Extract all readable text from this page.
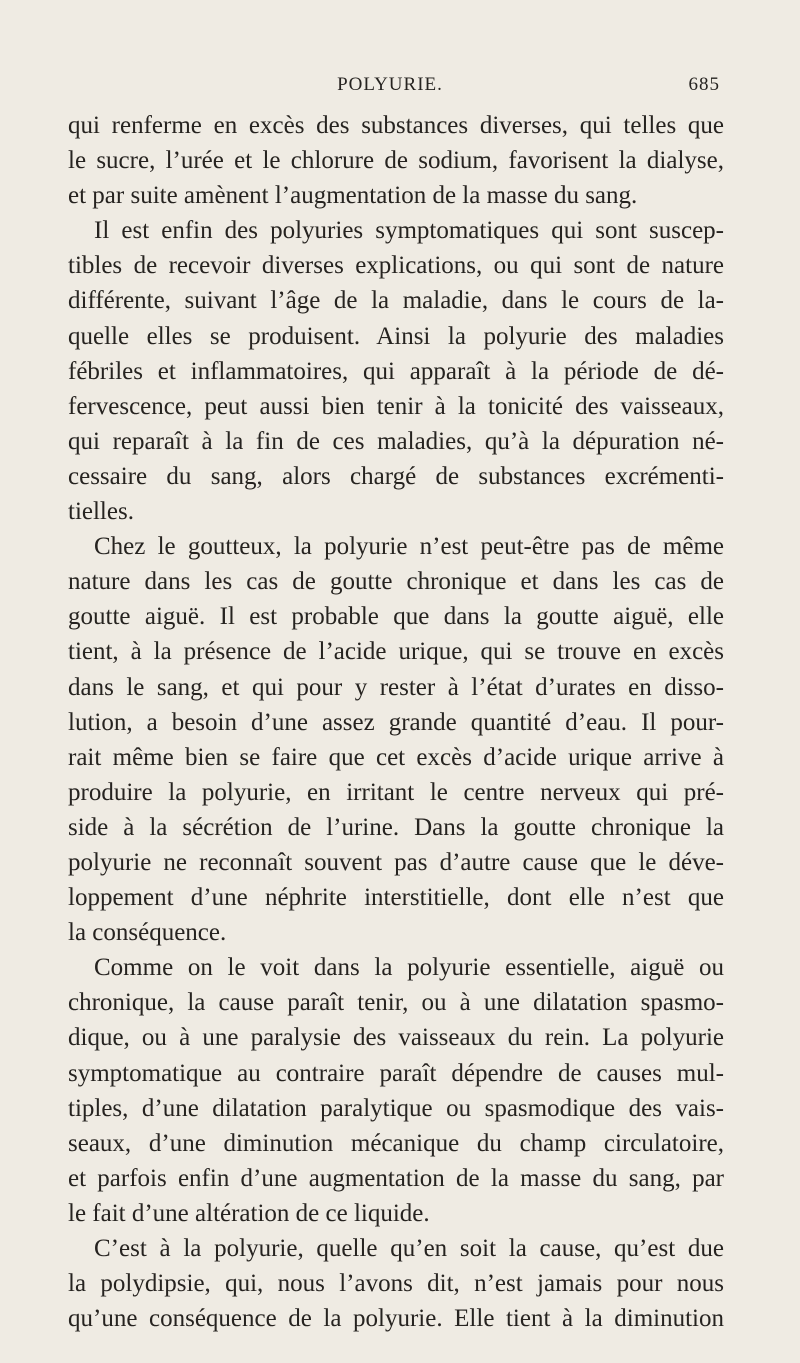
POLYURIE.	685
qui renferme en excès des substances diverses, qui telles que
le sucre, l’urée et le chlorure de sodium, favorisent la dialyse,
et par suite amènent l’augmentation de la masse du sang.
Il est enfin des polyuries symptomatiques qui sont suscep-
tibles de recevoir diverses explications, ou qui sont de nature
différente, suivant l’âge de la maladie, dans le cours de la-
quelle elles se produisent. Ainsi la polyurie des maladies
fébriles et inflammatoires, qui apparaît à la période de dé-
fervescence, peut aussi bien tenir à la tonicité des vaisseaux,
qui reparaît à la fin de ces maladies, qu’à la dépuration né-
cessaire du sang, alors chargé de substances excrémenti-
tielles.
Chez le goutteux, la polyurie n’est peut-être pas de même
nature dans les cas de goutte chronique et dans les cas de
goutte aiguë. Il est probable que dans la goutte aiguë, elle
tient, à la présence de l’acide urique, qui se trouve en excès
dans le sang, et qui pour y rester à l’état d’urates en disso-
lution, a besoin d’une assez grande quantité d’eau. Il pour-
rait même bien se faire que cet excès d’acide urique arrive à
produire la polyurie, en irritant le centre nerveux qui pré-
side à la sécrétion de l’urine. Dans la goutte chronique la
polyurie ne reconnaît souvent pas d’autre cause que le déve-
loppement d’une néphrite interstitielle, dont elle n’est que
la conséquence.
Comme on le voit dans la polyurie essentielle, aiguë ou
chronique, la cause paraît tenir, ou à une dilatation spasmo-
dique, ou à une paralysie des vaisseaux du rein. La polyurie
symptomatique au contraire paraît dépendre de causes mul-
tiples, d’une dilatation paralytique ou spasmodique des vais-
seaux, d’une diminution mécanique du champ circulatoire,
et parfois enfin d’une augmentation de la masse du sang, par
le fait d’une altération de ce liquide.
C’est à la polyurie, quelle qu’en soit la cause, qu’est due
la polydipsie, qui, nous l’avons dit, n’est jamais pour nous
qu’une conséquence de la polyurie. Elle tient à la diminution
